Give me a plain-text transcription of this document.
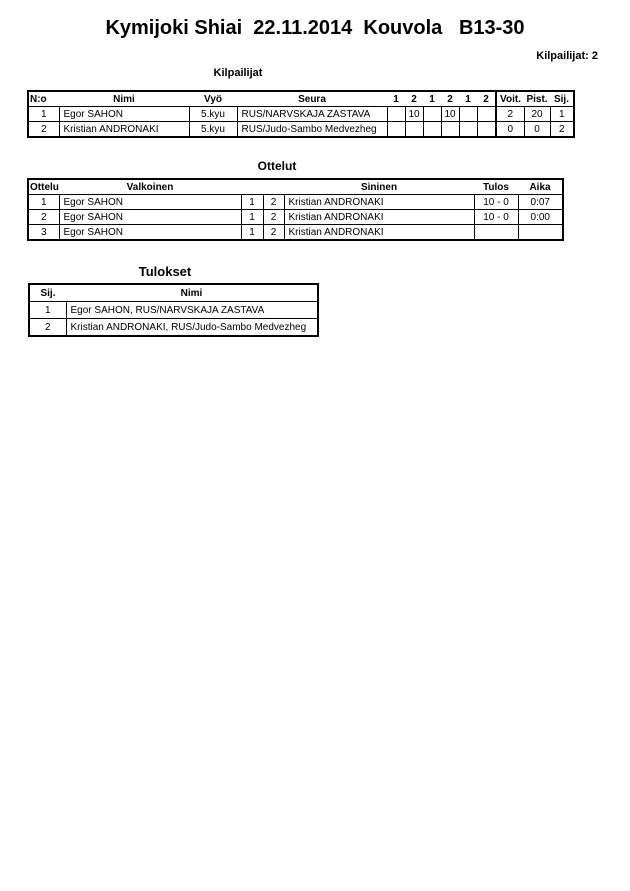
Kymijoki Shiai  22.11.2014  Kouvola   B13-30
Kilpailijat: 2
Kilpailijat
N:o	Nimi	Vyö	Seura	1	2	1	2	1	2	Voit.	Pist.	Sij.
1	Egor SAHON	5.kyu	RUS/NARVSKAJA ZASTAVA		10		10			2	20	1
2	Kristian ANDRONAKI	5.kyu	RUS/Judo-Sambo Medvezheg							0	0	2
Ottelut
Ottelu	Valkoinen			Sininen	Tulos	Aika
1	Egor SAHON	1	2	Kristian ANDRONAKI	10 - 0	0:07
2	Egor SAHON	1	2	Kristian ANDRONAKI	10 - 0	0:00
3	Egor SAHON	1	2	Kristian ANDRONAKI		
Tulokset
Sij.	Nimi
1	Egor SAHON, RUS/NARVSKAJA ZASTAVA
2	Kristian ANDRONAKI, RUS/Judo-Sambo Medvezheg
